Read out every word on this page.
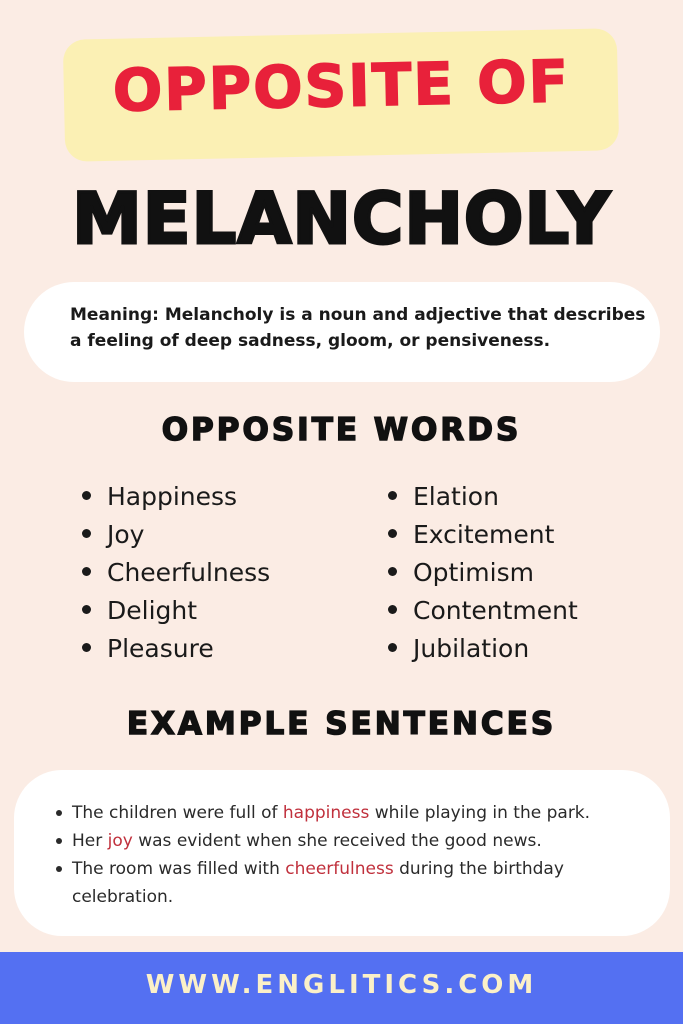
OPPOSITE OF
MELANCHOLY

Meaning: Melancholy is a noun and adjective that describes a feeling of deep sadness, gloom, or pensiveness.

OPPOSITE WORDS
Happiness
Joy
Cheerfulness
Delight
Pleasure
Elation
Excitement
Optimism
Contentment
Jubilation
EXAMPLE SENTENCES
The children were full of happiness while playing in the park.
Her joy was evident when she received the good news.
The room was filled with cheerfulness during the birthday celebration.
WWW.ENGLITICS.COM
